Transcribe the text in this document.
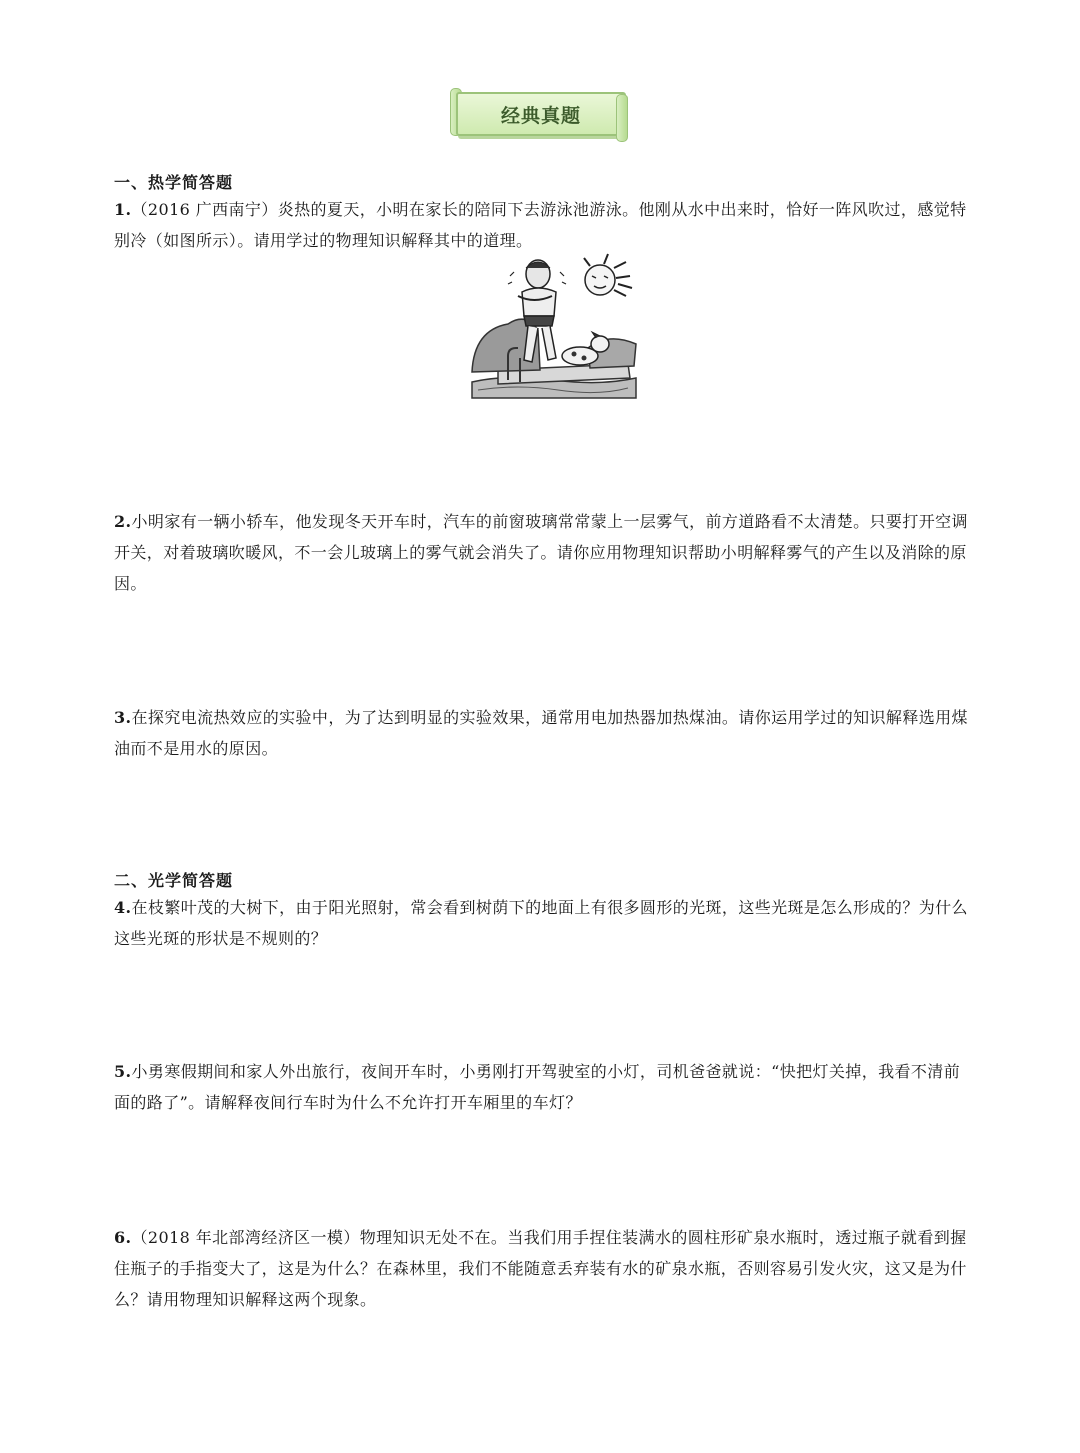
经典真题
一、热学简答题
1.（2016 广西南宁）炎热的夏天，小明在家长的陪同下去游泳池游泳。他刚从水中出来时，恰好一阵风吹过，感觉特别冷（如图所示）。请用学过的物理知识解释其中的道理。
2.小明家有一辆小轿车，他发现冬天开车时，汽车的前窗玻璃常常蒙上一层雾气，前方道路看不太清楚。只要打开空调开关，对着玻璃吹暖风，不一会儿玻璃上的雾气就会消失了。请你应用物理知识帮助小明解释雾气的产生以及消除的原因。
3.在探究电流热效应的实验中，为了达到明显的实验效果，通常用电加热器加热煤油。请你运用学过的知识解释选用煤油而不是用水的原因。
二、光学简答题
4.在枝繁叶茂的大树下，由于阳光照射，常会看到树荫下的地面上有很多圆形的光斑，这些光斑是怎么形成的？为什么这些光斑的形状是不规则的？
5.小勇寒假期间和家人外出旅行，夜间开车时，小勇刚打开驾驶室的小灯，司机爸爸就说：“快把灯关掉，我看不清前面的路了”。请解释夜间行车时为什么不允许打开车厢里的车灯？
6.（2018 年北部湾经济区一模）物理知识无处不在。当我们用手捏住装满水的圆柱形矿泉水瓶时，透过瓶子就看到握住瓶子的手指变大了，这是为什么？在森林里，我们不能随意丢弃装有水的矿泉水瓶，否则容易引发火灾，这又是为什么？请用物理知识解释这两个现象。
